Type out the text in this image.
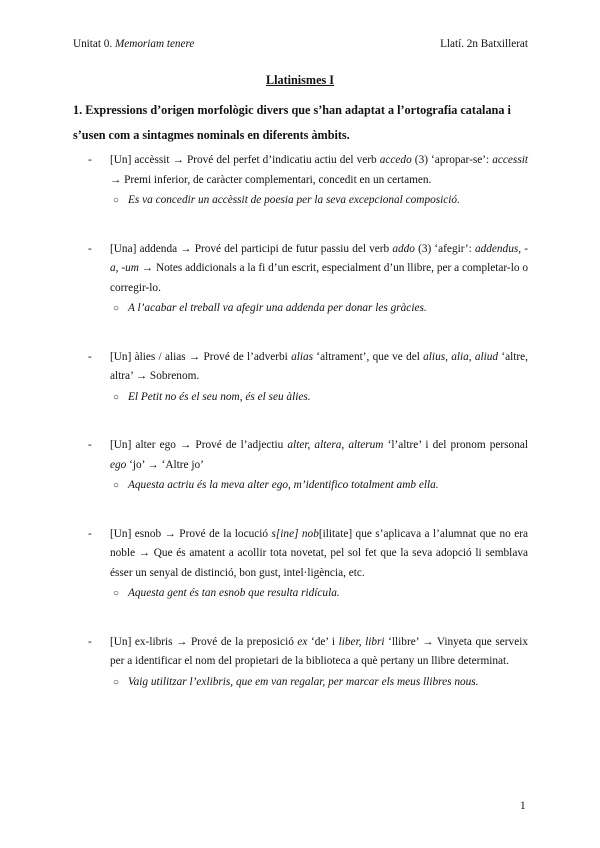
Unitat 0. Memoriam tenere	Llatí. 2n Batxillerat
Llatinismes I
1. Expressions d’origen morfològic divers que s’han adaptat a l’ortografia catalana i s’usen com a sintagmes nominals en diferents àmbits.
- [Un] accèssit → Prové del perfet d’indicatiu actiu del verb accedo (3) ‘apropar-se’: accessit → Premi inferior, de caràcter complementari, concedit en un certamen.
○ Es va concedir un accèssit de poesia per la seva excepcional composició.
- [Una] addenda → Prové del participi de futur passiu del verb addo (3) ‘afegir’: addendus, -a, -um → Notes addicionals a la fi d’un escrit, especialment d’un llibre, per a completar-lo o corregir-lo.
○ A l’acabar el treball va afegir una addenda per donar les gràcies.
- [Un] àlies / alias → Prové de l’adverbi alias ‘altrament’, que ve del alius, alia, aliud ‘altre, altra’ → Sobrenom.
○ El Petit no és el seu nom, és el seu àlies.
- [Un] alter ego → Prové de l’adjectiu alter, altera, alterum ‘l’altre’ i del pronom personal ego ‘jo’ → ‘Altre jo’
○ Aquesta actriu és la meva alter ego, m’identifico totalment amb ella.
- [Un] esnob → Prové de la locució s[ine] nob[ilitate] que s’aplicava a l’alumnat que no era noble → Que és amatent a acollir tota novetat, pel sol fet que la seva adopció li semblava ésser un senyal de distinció, bon gust, intel·ligència, etc.
○ Aquesta gent és tan esnob que resulta ridícula.
- [Un] ex-libris → Prové de la preposició ex ‘de’ i liber, libri ‘llibre’ → Vinyeta que serveix per a identificar el nom del propietari de la biblioteca a què pertany un llibre determinat.
○ Vaig utilitzar l’exlibris, que em van regalar, per marcar els meus llibres nous.
1
